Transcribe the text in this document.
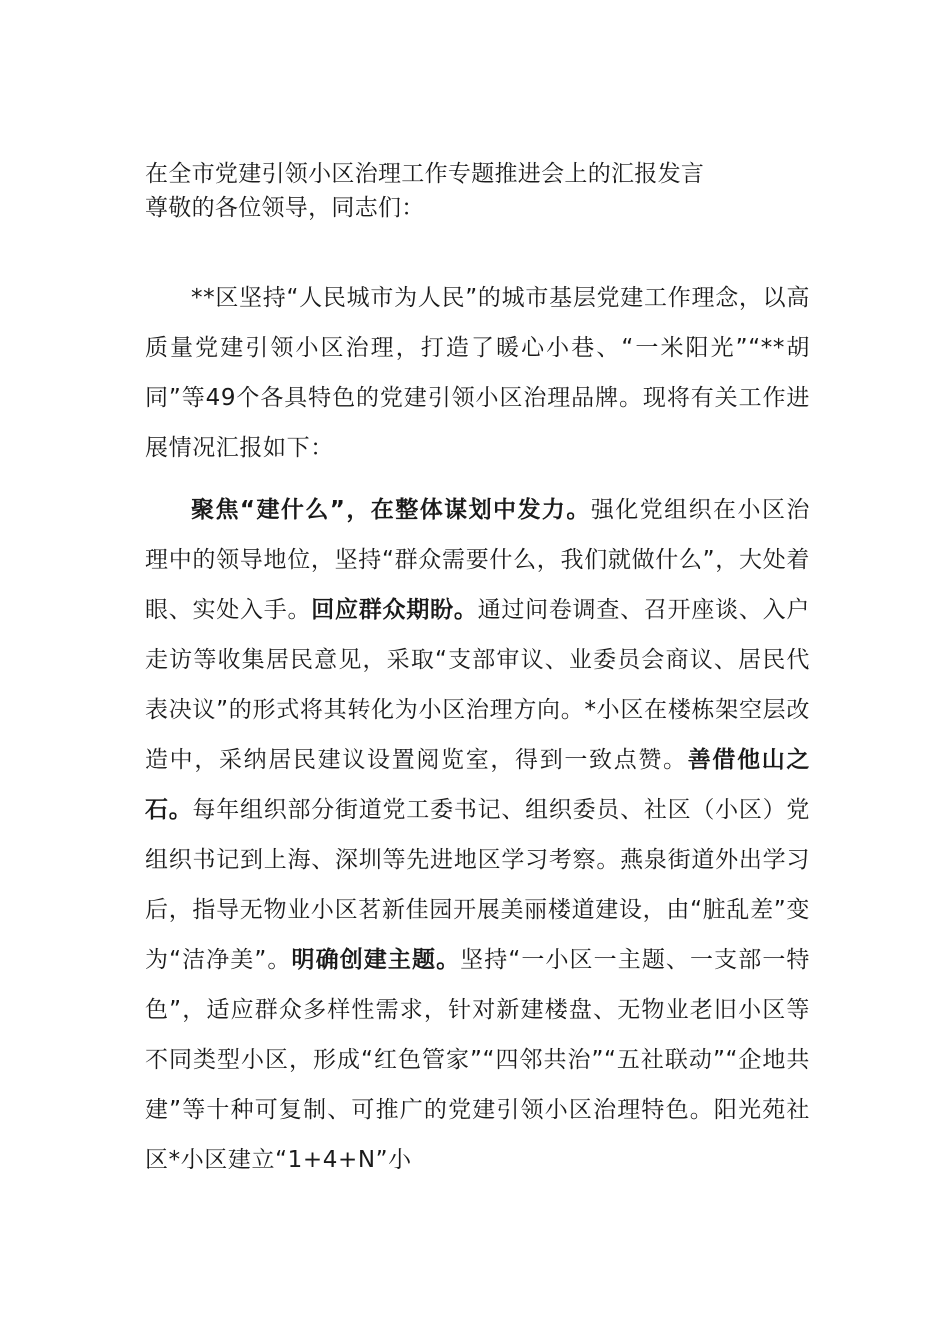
在全市党建引领小区治理工作专题推进会上的汇报发言
尊敬的各位领导，同志们：
**区坚持“人民城市为人民”的城市基层党建工作理念，以高质量党建引领小区治理，打造了暖心小巷、“一米阳光”“**胡同”等49个各具特色的党建引领小区治理品牌。现将有关工作进展情况汇报如下：
聚焦“建什么”，在整体谋划中发力。强化党组织在小区治理中的领导地位，坚持“群众需要什么，我们就做什么”，大处着眼、实处入手。回应群众期盼。通过问卷调查、召开座谈、入户走访等收集居民意见，采取“支部审议、业委员会商议、居民代表决议”的形式将其转化为小区治理方向。*小区在楼栋架空层改造中，采纳居民建议设置阅览室，得到一致点赞。善借他山之石。每年组织部分街道党工委书记、组织委员、社区（小区）党组织书记到上海、深圳等先进地区学习考察。燕泉街道外出学习后，指导无物业小区茗新佳园开展美丽楼道建设，由“脏乱差”变为“洁净美”。明确创建主题。坚持“一小区一主题、一支部一特色”，适应群众多样性需求，针对新建楼盘、无物业老旧小区等不同类型小区，形成“红色管家”“四邻共治”“五社联动”“企地共建”等十种可复制、可推广的党建引领小区治理特色。阳光苑社区*小区建立“1+4+N”小
